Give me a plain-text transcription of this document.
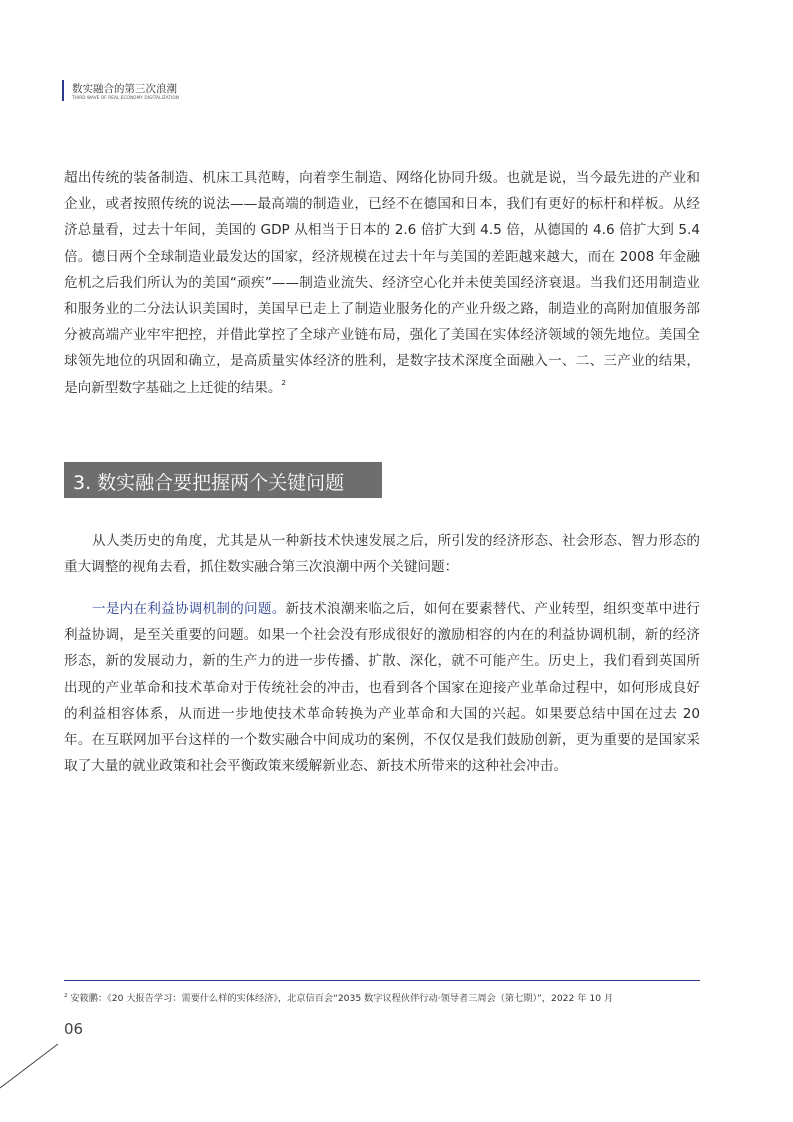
数实融合的第三次浪潮
THIRD WAVE OF REAL ECONOMY DIGITALIZATION

超出传统的装备制造、机床工具范畴，向着孪生制造、网络化协同升级。也就是说，当今最先进的产业和企业，或者按照传统的说法——最高端的制造业，已经不在德国和日本，我们有更好的标杆和样板。从经济总量看，过去十年间，美国的 GDP 从相当于日本的 2.6 倍扩大到 4.5 倍，从德国的 4.6 倍扩大到 5.4 倍。德日两个全球制造业最发达的国家，经济规模在过去十年与美国的差距越来越大，而在 2008 年金融危机之后我们所认为的美国“顽疾”——制造业流失、经济空心化并未使美国经济衰退。当我们还用制造业和服务业的二分法认识美国时，美国早已走上了制造业服务化的产业升级之路，制造业的高附加值服务部分被高端产业牢牢把控，并借此掌控了全球产业链布局，强化了美国在实体经济领域的领先地位。美国全球领先地位的巩固和确立，是高质量实体经济的胜利，是数字技术深度全面融入一、二、三产业的结果，是向新型数字基础之上迁徙的结果。$^2$

3. 数实融合要把握两个关键问题

从人类历史的角度，尤其是从一种新技术快速发展之后，所引发的经济形态、社会形态、智力形态的重大调整的视角去看，抓住数实融合第三次浪潮中两个关键问题：

一是内在利益协调机制的问题。新技术浪潮来临之后，如何在要素替代、产业转型，组织变革中进行利益协调，是至关重要的问题。如果一个社会没有形成很好的激励相容的内在的利益协调机制，新的经济形态，新的发展动力，新的生产力的进一步传播、扩散、深化，就不可能产生。历史上，我们看到英国所出现的产业革命和技术革命对于传统社会的冲击，也看到各个国家在迎接产业革命过程中，如何形成良好的利益相容体系，从而进一步地使技术革命转换为产业革命和大国的兴起。如果要总结中国在过去 20 年。在互联网加平台这样的一个数实融合中间成功的案例，不仅仅是我们鼓励创新，更为重要的是国家采取了大量的就业政策和社会平衡政策来缓解新业态、新技术所带来的这种社会冲击。

$^2$ 安筱鹏：《20 大报告学习：需要什么样的实体经济》，北京信百会“2035 数字议程伙伴行动·领导者三周会（第七期）”，2022 年 10 月
06
